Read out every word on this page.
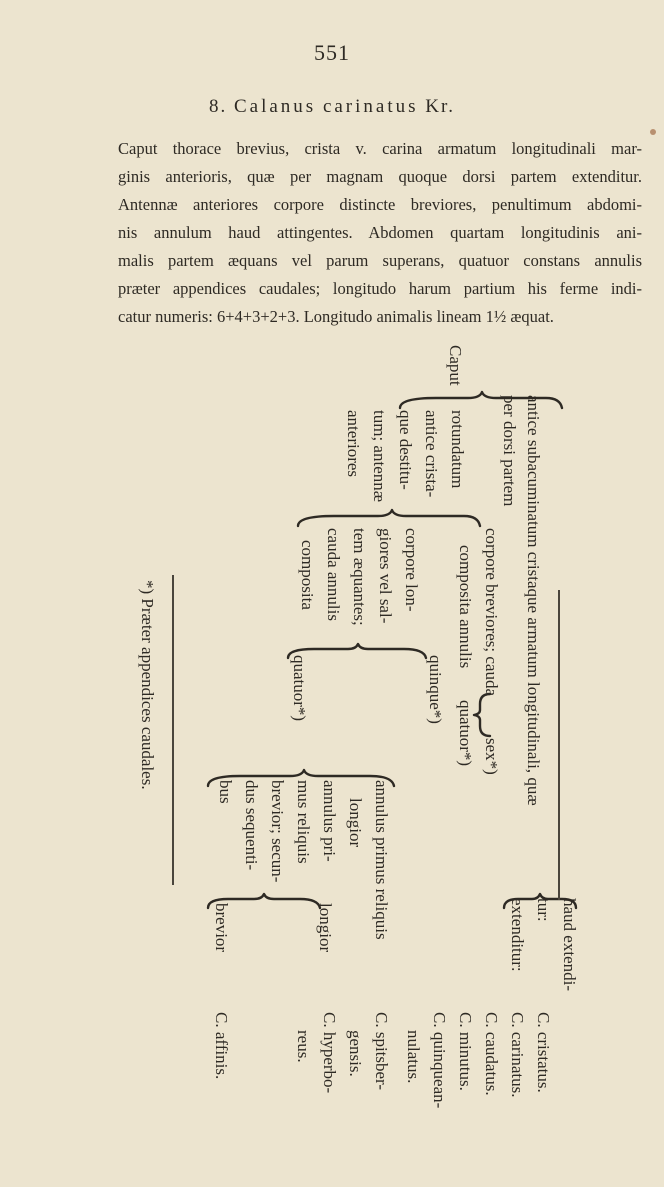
551
8. Calanus carinatus Kr.
Caput thorace brevius, crista v. carina armatum longitudinali mar-
ginis anterioris, quæ per magnam quoque dorsi partem extenditur.
Antennæ anteriores corpore distincte breviores, penultimum abdomi-
nis annulum haud attingentes. Abdomen quartam longitudinis ani-
malis partem æquans vel parum superans, quatuor constans annulis
præter appendices caudales; longitudo harum partium his ferme indi-
catur numeris: 6+4+3+2+3. Longitudo animalis lineam 1½ æquat.
Caput
antice subacuminatum cristaque armatum longitudinali, quæ
per dorsi partem
rotundatum
antice crista-
que destitu-
tum; antennæ
anteriores
corpore breviores; cauda
composita annulis
sex*)
quatuor*)
corpore lon-
giores vel sal-
tem æquantes;
cauda annulis
composita
quinque*)
quatuor*)
annulus primus reliquis
longior
annulus pri-
mus reliquis
brevior; secun-
dus sequenti-
bus
haud extendi-
tur:
extenditur:
longior
brevior
C. cristatus.
C. carinatus.
C. caudatus.
C. minutus.
C. quinquean-
nulatus.
C. spitsber-
gensis.
C. hyperbo-
reus.
C. affinis.
*) Præter appendices caudales.
